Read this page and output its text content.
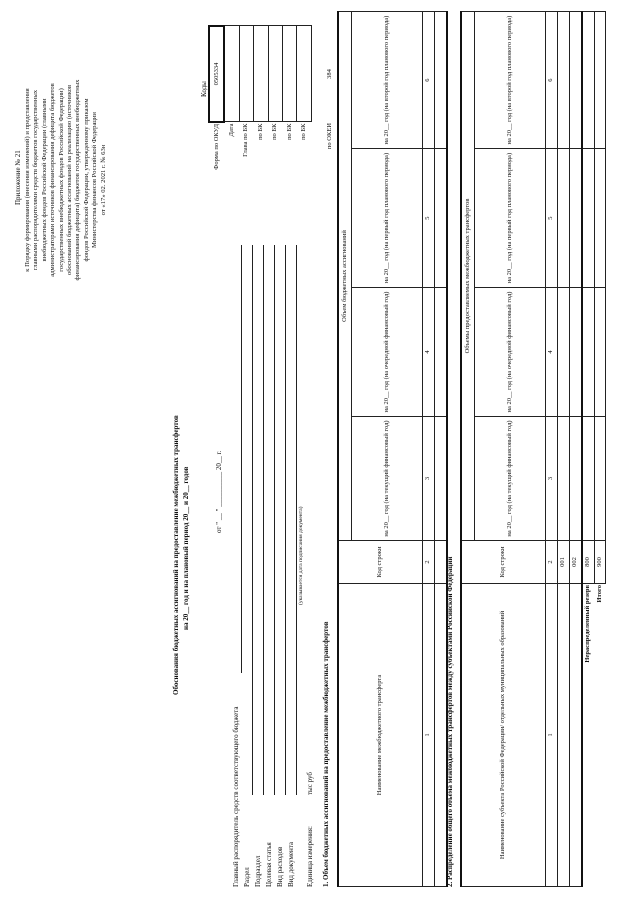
Приложение № 21 к Порядку формирования (внесения изменений) и представления главными распорядителями средств бюджетов государственных внебюджетных фондов Российской Федерации (главными администраторами источников финансирования дефицита бюджетов государственных внебюджетных фондов Российской Федерации) обоснований бюджетных ассигнований на реализацию (источников финансирования дефицита) бюджетов государственных внебюджетных фондов Российской Федерации, утвержденному приказом Министерства финансов Российской Федерации от «17» 02. 2021 г. № 63н
Обоснования бюджетных ассигнований на предоставление межбюджетных трансфертов на 20__ год и на плановый период 20__ и 20__ годов
Коды
Форма по ОКУД	0505334
Дата	
Глава по БК	
по БК	
по БК	
по БК	
по БК	
по ОКЕИ	384
от " __ " __________ 20__ г.
Главный распорядитель средств соответствующего бюджета Раздел Подраздел Целевая статья Вид расходов Вид документа
(указывается дата подписания документа)
Единица измерения:
тыс руб 1. Объем бюджетных ассигнований на предоставление межбюджетных трансфертов	Наименование межбюджетного трансферта	Код строки	Объем бюджетных ассигнований			
		на 20__ год (на текущий финансовый год)	на 20__ год (на очередной финансовый год)	на 20__ год (на первый год планового периода)	на 20__ год (на второй год планового периода)
1	2	3	4	5	6

2. Распределение общего объема межбюджетных трансфертов между субъектами Российской Федерации	Наименование субъекта Российской Федерации/ отдельных муниципальных образований	Код строки	Объемы предоставляемых межбюджетных трансфертов			
		на 20__ год (на текущий финансовый год)	на 20__ год (на очередной финансовый год)	на 20__ год (на первый год планового периода)	на 20__ год (на второй год планового периода)
1	2	3	4	5	6
	001				
	002				
Нераспределенный резерв	800				
Итого	900				
